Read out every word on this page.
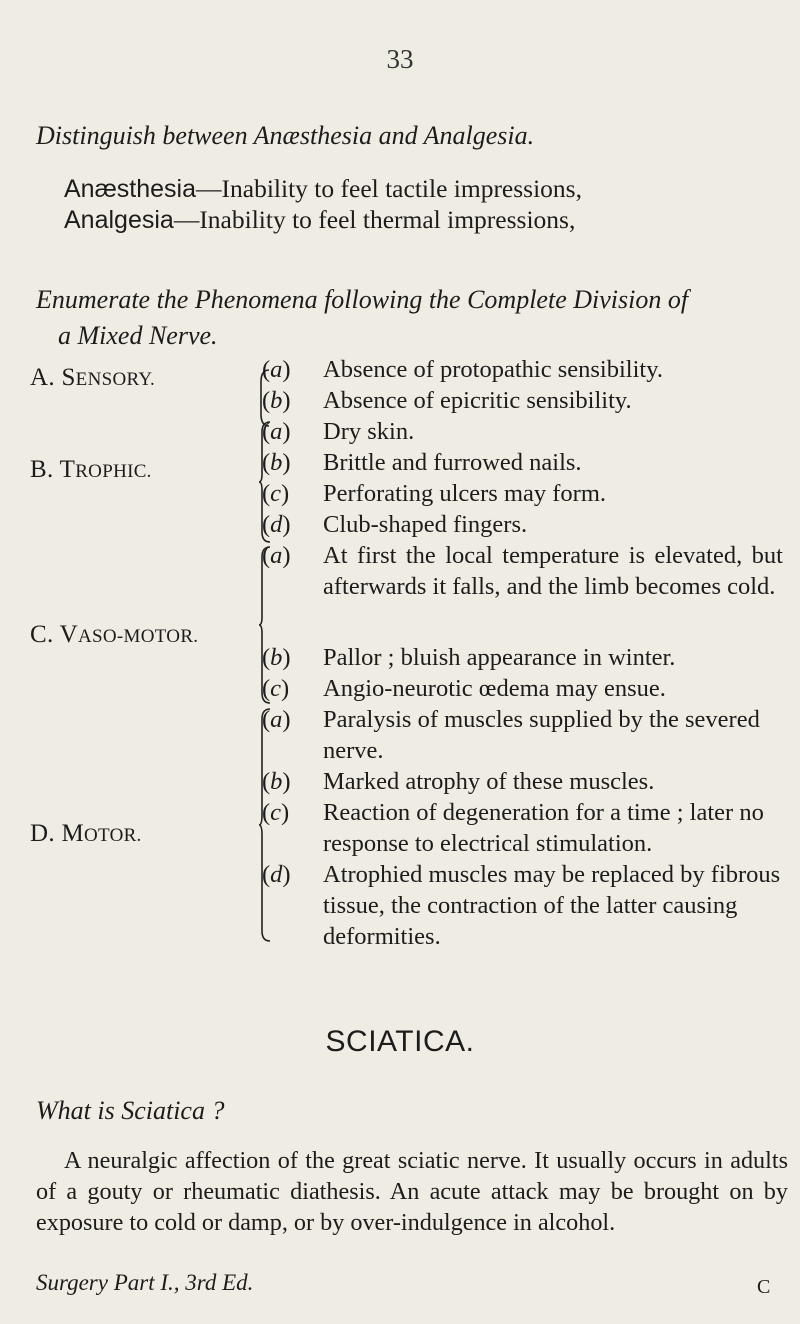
33
Distinguish between Anæsthesia and Analgesia.
Anæsthesia—Inability to feel tactile impressions,
Analgesia—Inability to feel thermal impressions,
Enumerate the Phenomena following the Complete Division of
a Mixed Nerve.
A. SENSORY.	(a) Absence of protopathic sensibility.
(b) Absence of epicritic sensibility.
B. TROPHIC.
(a) Dry skin.
(b) Brittle and furrowed nails.
(c) Perforating ulcers may form.
(d) Club-shaped fingers.
C. VASO-MOTOR.
(a) At first the local temperature is elevated, but afterwards it falls, and the limb becomes cold.
(b) Pallor ; bluish appearance in winter.
(c) Angio-neurotic œdema may ensue.
D. MOTOR.
(a) Paralysis of muscles supplied by the severed nerve.
(b) Marked atrophy of these muscles.
(c) Reaction of degeneration for a time ; later no response to electrical stimulation.
(d) Atrophied muscles may be replaced by fibrous tissue, the contraction of the latter causing deformities.
SCIATICA.
What is Sciatica ?
A neuralgic affection of the great sciatic nerve. It usually occurs in adults of a gouty or rheumatic diathesis. An acute attack may be brought on by exposure to cold or damp, or by over-indulgence in alcohol.
Surgery Part I., 3rd Ed.	C
